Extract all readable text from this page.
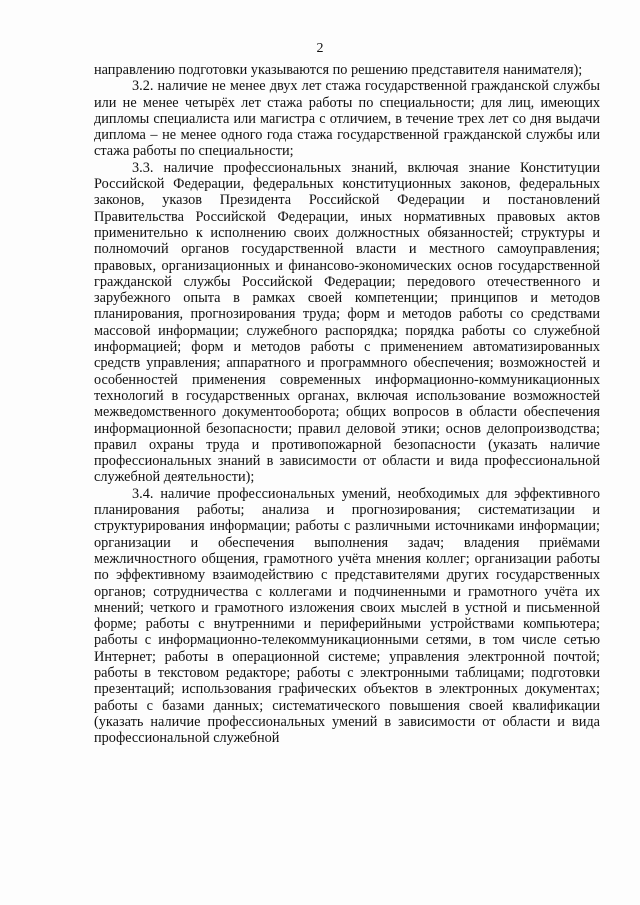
2

направлению подготовки указываются по решению представителя нанимателя);

3.2. наличие не менее двух лет стажа государственной гражданской службы или не менее четырёх лет стажа работы по специальности; для лиц, имеющих дипломы специалиста или магистра с отличием, в течение трех лет со дня выдачи диплома – не менее одного года стажа государственной гражданской службы или стажа работы по специальности;

3.3. наличие профессиональных знаний, включая знание Конституции Российской Федерации, федеральных конституционных законов, федеральных законов, указов Президента Российской Федерации и постановлений Правительства Российской Федерации, иных нормативных правовых актов применительно к исполнению своих должностных обязанностей; структуры и полномочий органов государственной власти и местного самоуправления; правовых, организационных и финансово-экономических основ государственной гражданской службы Российской Федерации; передового отечественного и зарубежного опыта в рамках своей компетенции; принципов и методов планирования, прогнозирования труда; форм и методов работы со средствами массовой информации; служебного распорядка; порядка работы со служебной информацией; форм и методов работы с применением автоматизированных средств управления; аппаратного и программного обеспечения; возможностей и особенностей применения современных информационно-коммуникационных технологий в государственных органах, включая использование возможностей межведомственного документооборота; общих вопросов в области обеспечения информационной безопасности; правил деловой этики; основ делопроизводства; правил охраны труда и противопожарной безопасности (указать наличие профессиональных знаний в зависимости от области и вида профессиональной служебной деятельности);

3.4. наличие профессиональных умений, необходимых для эффективного планирования работы; анализа и прогнозирования; систематизации и структурирования информации; работы с различными источниками информации; организации и обеспечения выполнения задач; владения приёмами межличностного общения, грамотного учёта мнения коллег; организации работы по эффективному взаимодействию с представителями других государственных органов; сотрудничества с коллегами и подчиненными и грамотного учёта их мнений; четкого и грамотного изложения своих мыслей в устной и письменной форме; работы с внутренними и периферийными устройствами компьютера; работы с информационно-телекоммуникационными сетями, в том числе сетью Интернет; работы в операционной системе; управления электронной почтой; работы в текстовом редакторе; работы с электронными таблицами; подготовки презентаций; использования графических объектов в электронных документах; работы с базами данных; систематического повышения своей квалификации (указать наличие профессиональных умений в зависимости от области и вида профессиональной служебной
